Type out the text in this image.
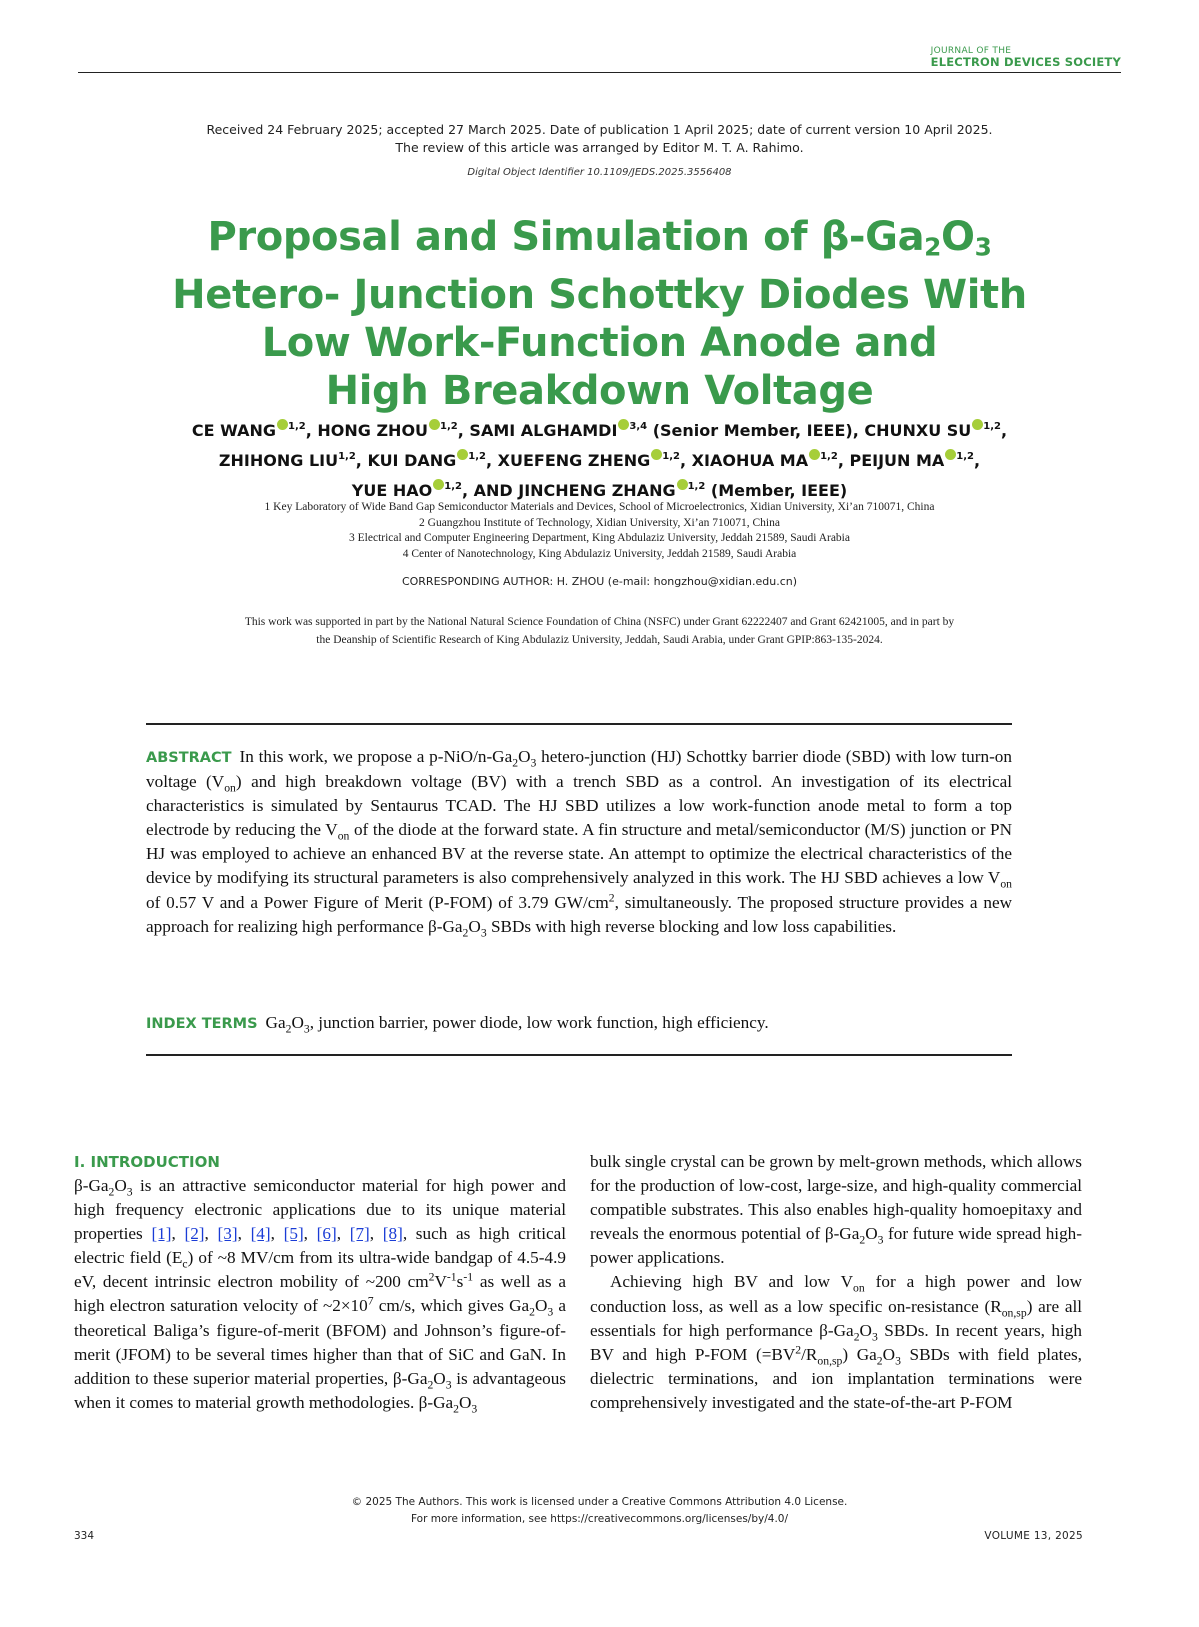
JOURNAL OF THE
ELECTRON DEVICES SOCIETY
Received 24 February 2025; accepted 27 March 2025. Date of publication 1 April 2025; date of current version 10 April 2025.
The review of this article was arranged by Editor M. T. A. Rahimo.
Digital Object Identifier 10.1109/JEDS.2025.3556408
Proposal and Simulation of $\beta-Ga_2O_3$
Hetero- Junction Schottky Diodes With
Low Work-Function Anode and
High Breakdown Voltage
CE WANG $^{1,2}$, HONG ZHOU $^{1,2}$, SAMI ALGHAMDI $^{3,4}$ (Senior Member, IEEE), CHUNXU SU $^{1,2}$,
ZHIHONG LIU$^{1,2}$, KUI DANG $^{1,2}$, XUEFENG ZHENG $^{1,2}$, XIAOHUA MA $^{1,2}$, PEIJUN MA $^{1,2}$,
YUE HAO $^{1,2}$, AND JINCHENG ZHANG $^{1,2}$ (Member, IEEE)
1 Key Laboratory of Wide Band Gap Semiconductor Materials and Devices, School of Microelectronics, Xidian University, Xi’an 710071, China
2 Guangzhou Institute of Technology, Xidian University, Xi’an 710071, China
3 Electrical and Computer Engineering Department, King Abdulaziz University, Jeddah 21589, Saudi Arabia
4 Center of Nanotechnology, King Abdulaziz University, Jeddah 21589, Saudi Arabia
CORRESPONDING AUTHOR: H. ZHOU (e-mail: hongzhou@xidian.edu.cn)
This work was supported in part by the National Natural Science Foundation of China (NSFC) under Grant 62222407 and Grant 62421005, and in part by
the Deanship of Scientific Research of King Abdulaziz University, Jeddah, Saudi Arabia, under Grant GPIP:863-135-2024.
ABSTRACT In this work, we propose a $p-NiO/n-Ga_2O_3$ hetero-junction (HJ) Schottky barrier diode (SBD) with low turn-on voltage $(V_{on})$ and high breakdown voltage (BV) with a trench SBD as a control. An investigation of its electrical characteristics is simulated by Sentaurus TCAD. The HJ SBD utilizes a low work-function anode metal to form a top electrode by reducing the $V_{on}$ of the diode at the forward state. A fin structure and metal/semiconductor (M/S) junction or PN HJ was employed to achieve an enhanced BV at the reverse state. An attempt to optimize the electrical characteristics of the device by modifying its structural parameters is also comprehensively analyzed in this work. The HJ SBD achieves a low $V_{on}$ of 0.57 V and a Power Figure of Merit (P-FOM) of 3.79 $GW/cm^2$, simultaneously. The proposed structure provides a new approach for realizing high performance $\beta-Ga_2O_3$ SBDs with high reverse blocking and low loss capabilities.
INDEX TERMS $Ga_2O_3$, junction barrier, power diode, low work function, high efficiency.
I. INTRODUCTION

$\beta-Ga_2O_3$ is an attractive semiconductor material for high power and high frequency electronic applications due to its unique material properties [1], [2], [3], [4], [5], [6], [7], [8], such as high critical electric field $(E_c)$ of ~8 MV/cm from its ultra-wide bandgap of 4.5-4.9 eV, decent intrinsic electron mobility of ~200 $cm^2V^{-1}s^{-1}$ as well as a high electron saturation velocity of $\sim 2\times 10^7$ cm/s, which gives $Ga_2O_3$ a theoretical Baliga’s figure-of-merit (BFOM) and Johnson’s figure-of-merit (JFOM) to be several times higher than that of SiC and GaN. In addition to these superior material properties, $\beta-Ga_2O_3$ is advantageous when it comes to material growth methodologies. $\beta-Ga_2O_3$

bulk single crystal can be grown by melt-grown methods, which allows for the production of low-cost, large-size, and high-quality commercial compatible substrates. This also enables high-quality homoepitaxy and reveals the enormous potential of $\beta-Ga_2O_3$ for future wide spread high-power applications.

Achieving high BV and low $V_{on}$ for a high power and low conduction loss, as well as a low specific on-resistance $(R_{on,sp})$ are all essentials for high performance $\beta-Ga_2O_3$ SBDs. In recent years, high BV and high P-FOM $(=BV^2/R_{on,sp})$ $Ga_2O_3$ SBDs with field plates, dielectric terminations, and ion implantation terminations were comprehensively investigated and the state-of-the-art P-FOM

© 2025 The Authors. This work is licensed under a Creative Commons Attribution 4.0 License.
For more information, see https://creativecommons.org/licenses/by/4.0/
334	VOLUME 13, 2025
